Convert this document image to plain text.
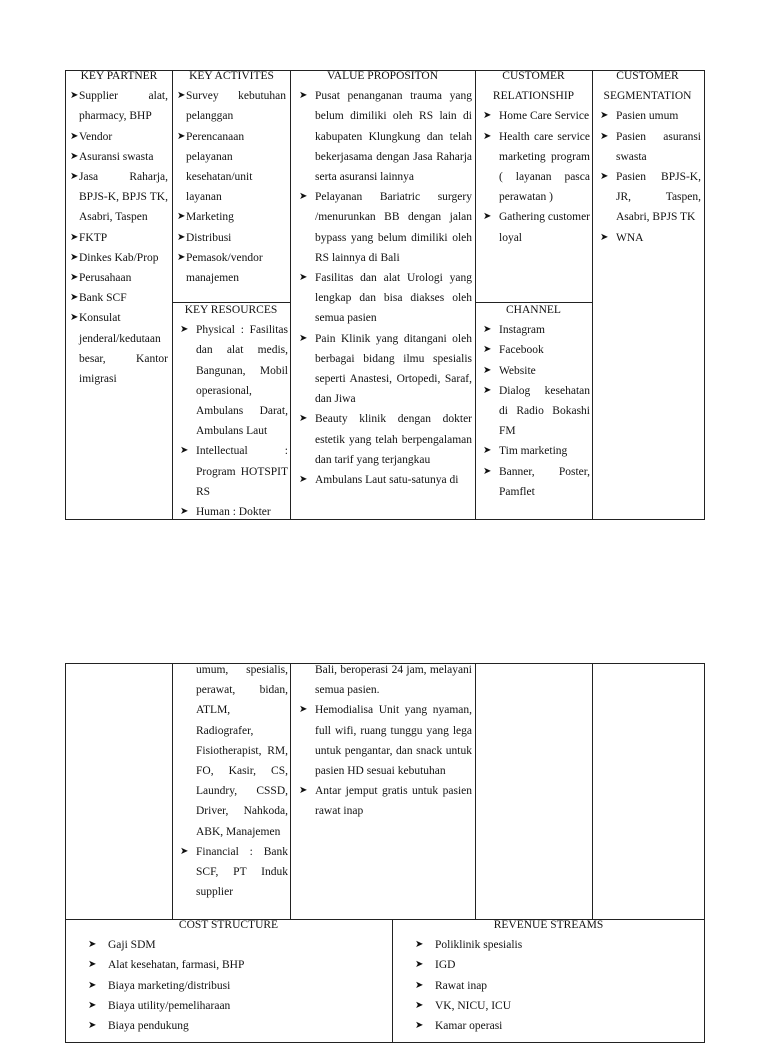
KEY PARTNER
➤ Supplier alat, pharmacy, BHP
➤ Vendor
➤ Asuransi swasta
➤ Jasa Raharja, BPJS-K, BPJS TK, Asabri, Taspen
➤ FKTP
➤ Dinkes Kab/Prop
➤ Perusahaan
➤ Bank SCF
➤ Konsulat jenderal/kedutaan besar, Kantor imigrasi
KEY ACTIVITES
➤ Survey kebutuhan pelanggan
➤ Perencanaan pelayanan kesehatan/unit layanan
➤ Marketing
➤ Distribusi
➤ Pemasok/vendor manajemen
KEY RESOURCES
➤ Physical : Fasilitas dan alat medis, Bangunan, Mobil operasional, Ambulans Darat, Ambulans Laut
➤ Intellectual : Program HOTSPIT RS
➤ Human : Dokter
VALUE PROPOSITON
➤ Pusat penanganan trauma yang belum dimiliki oleh RS lain di kabupaten Klungkung dan telah bekerjasama dengan Jasa Raharja serta asuransi lainnya
➤ Pelayanan Bariatric surgery /menurunkan BB dengan jalan bypass yang belum dimiliki oleh RS lainnya di Bali
➤ Fasilitas dan alat Urologi yang lengkap dan bisa diakses oleh semua pasien
➤ Pain Klinik yang ditangani oleh berbagai bidang ilmu spesialis seperti Anastesi, Ortopedi, Saraf, dan Jiwa
➤ Beauty klinik dengan dokter estetik yang telah berpengalaman dan tarif yang terjangkau
➤ Ambulans Laut satu-satunya di
CUSTOMER
RELATIONSHIP
➤ Home Care Service
➤ Health care service marketing program ( layanan pasca perawatan )
➤ Gathering customer loyal
CHANNEL
➤ Instagram
➤ Facebook
➤ Website
➤ Dialog kesehatan di Radio Bokashi FM
➤ Tim marketing
➤ Banner, Poster, Pamflet
CUSTOMER
SEGMENTATION
➤ Pasien umum
➤ Pasien asuransi swasta
➤ Pasien BPJS-K, JR, Taspen, Asabri, BPJS TK
➤ WNA
umum, spesialis, perawat, bidan, ATLM, Radiografer, Fisiotherapist, RM, FO, Kasir, CS, Laundry, CSSD, Driver, Nahkoda, ABK, Manajemen
➤ Financial : Bank SCF, PT Induk supplier
Bali, beroperasi 24 jam, melayani semua pasien.
➤ Hemodialisa Unit yang nyaman, full wifi, ruang tunggu yang lega untuk pengantar, dan snack untuk pasien HD sesuai kebutuhan
➤ Antar jemput gratis untuk pasien rawat inap
COST STRUCTURE
➤ Gaji SDM
➤ Alat kesehatan, farmasi, BHP
➤ Biaya marketing/distribusi
➤ Biaya utility/pemeliharaan
➤ Biaya pendukung
REVENUE STREAMS
➤ Poliklinik spesialis
➤ IGD
➤ Rawat inap
➤ VK, NICU, ICU
➤ Kamar operasi
